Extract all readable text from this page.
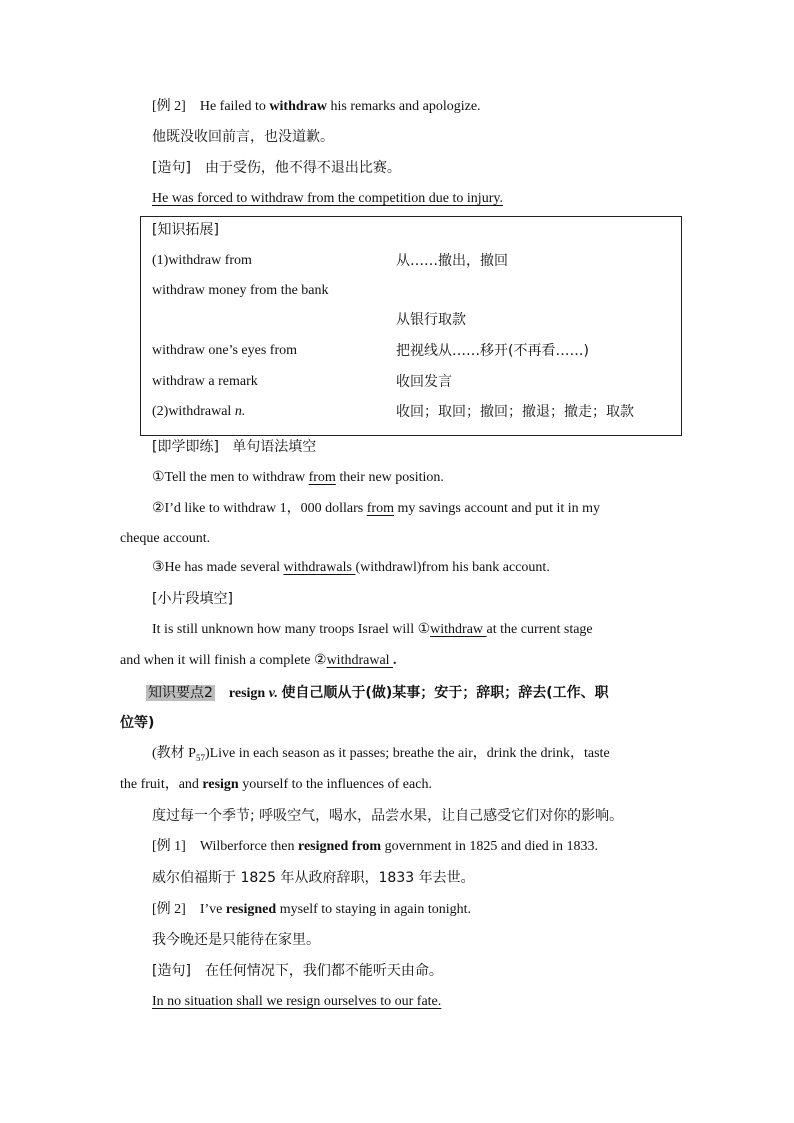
[例 2] He failed to withdraw his remarks and apologize.
他既没收回前言，也没道歉。
[造句] 由于受伤，他不得不退出比赛。
He was forced to withdraw from the competition due to injury.
[知识拓展]
(1)withdraw from	从……撤出，撤回
withdraw money from the bank
从银行取款
withdraw one’s eyes from	把视线从……移开(不再看……)
withdraw a remark	收回发言
(2)withdrawal n.	收回；取回；撤回；撤退；撤走；取款
[即学即练] 单句语法填空
①Tell the men to withdraw from their new position.
②I’d like to withdraw 1，000 dollars from my savings account and put it in my
cheque account.
③He has made several withdrawals (withdrawl)from his bank account.
[小片段填空]
It is still unknown how many troops Israel will ①withdraw at the current stage
and when it will finish a complete ②withdrawal .
知识要点2 resign v. 使自己顺从于(做)某事；安于；辞职；辞去(工作、职
位等)
(教材 $P_{57})Live$ in each season as it passes; breathe the air，drink the drink，taste
the fruit，and resign yourself to the influences of each.
度过每一个季节; 呼吸空气，喝水，品尝水果，让自己感受它们对你的影响。
[例 1] Wilberforce then resigned from government in 1825 and died in 1833.
威尔伯福斯于 1825 年从政府辞职，1833 年去世。
[例 2] I’ve resigned myself to staying in again tonight.
我今晚还是只能待在家里。
[造句] 在任何情况下，我们都不能听天由命。
In no situation shall we resign ourselves to our fate.
